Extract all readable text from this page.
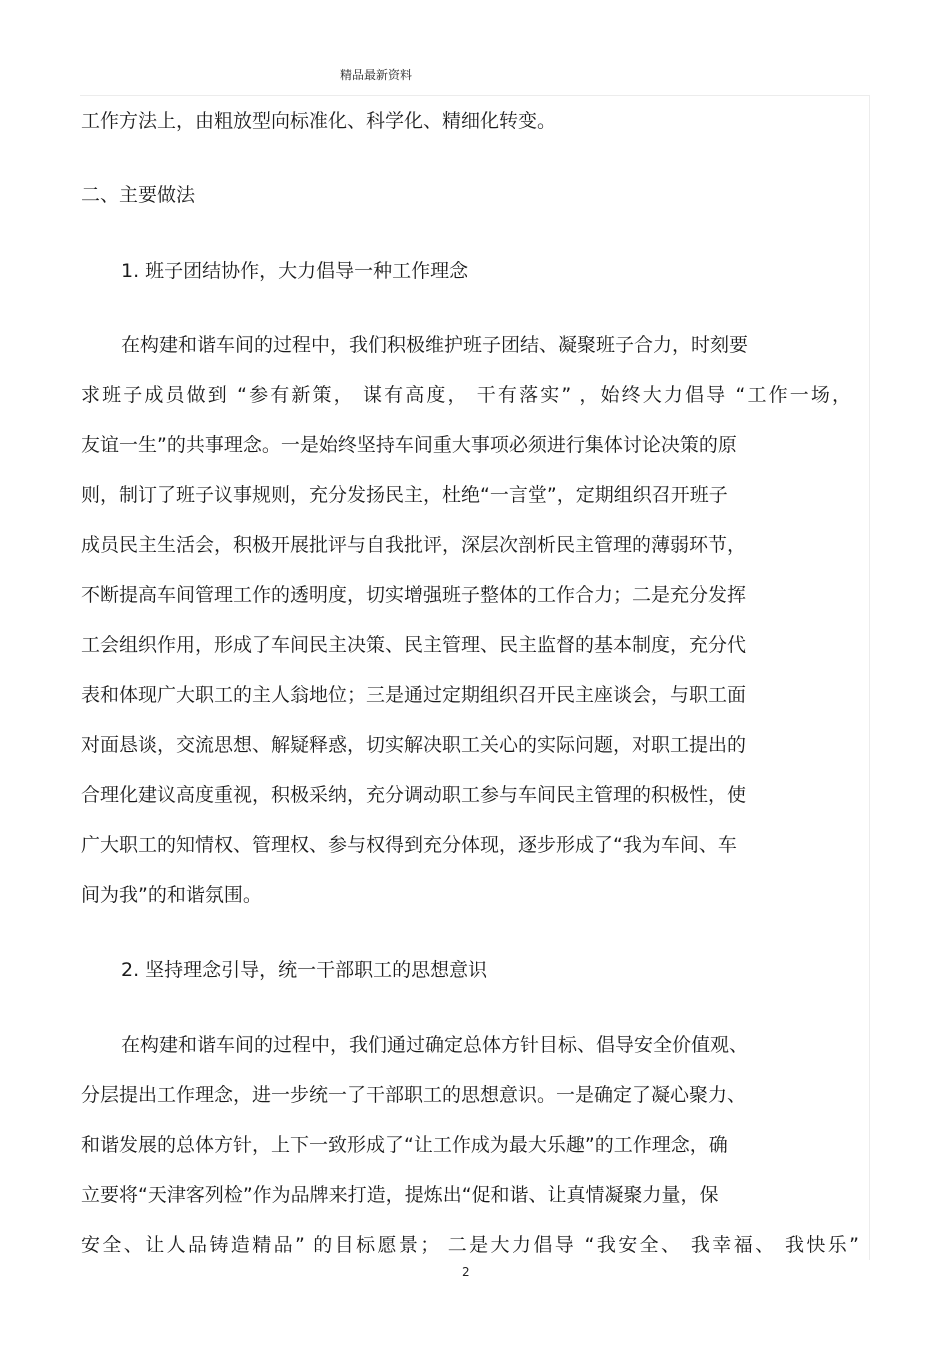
精品最新资料
工作方法上，由粗放型向标准化、科学化、精细化转变。
二、主要做法
1. 班子团结协作，大力倡导一种工作理念
在构建和谐车间的过程中，我们积极维护班子团结、凝聚班子合力，时刻要
求班子成员做到 “参有新策， 谋有高度， 干有落实” ，始终大力倡导 “工作一场，
友谊一生”的共事理念。一是始终坚持车间重大事项必须进行集体讨论决策的原
则，制订了班子议事规则，充分发扬民主，杜绝“一言堂”，定期组织召开班子
成员民主生活会，积极开展批评与自我批评，深层次剖析民主管理的薄弱环节，
不断提高车间管理工作的透明度，切实增强班子整体的工作合力；二是充分发挥
工会组织作用，形成了车间民主决策、民主管理、民主监督的基本制度，充分代
表和体现广大职工的主人翁地位；三是通过定期组织召开民主座谈会，与职工面
对面恳谈，交流思想、解疑释惑，切实解决职工关心的实际问题，对职工提出的
合理化建议高度重视，积极采纳，充分调动职工参与车间民主管理的积极性，使
广大职工的知情权、管理权、参与权得到充分体现，逐步形成了“我为车间、车
间为我”的和谐氛围。
2. 坚持理念引导，统一干部职工的思想意识
在构建和谐车间的过程中，我们通过确定总体方针目标、倡导安全价值观、
分层提出工作理念，进一步统一了干部职工的思想意识。一是确定了凝心聚力、
和谐发展的总体方针，上下一致形成了“让工作成为最大乐趣”的工作理念，确
立要将“天津客列检”作为品牌来打造，提炼出“促和谐、让真情凝聚力量，保
安全、让人品铸造精品” 的目标愿景； 二是大力倡导 “我安全、 我幸福、 我快乐”
2
